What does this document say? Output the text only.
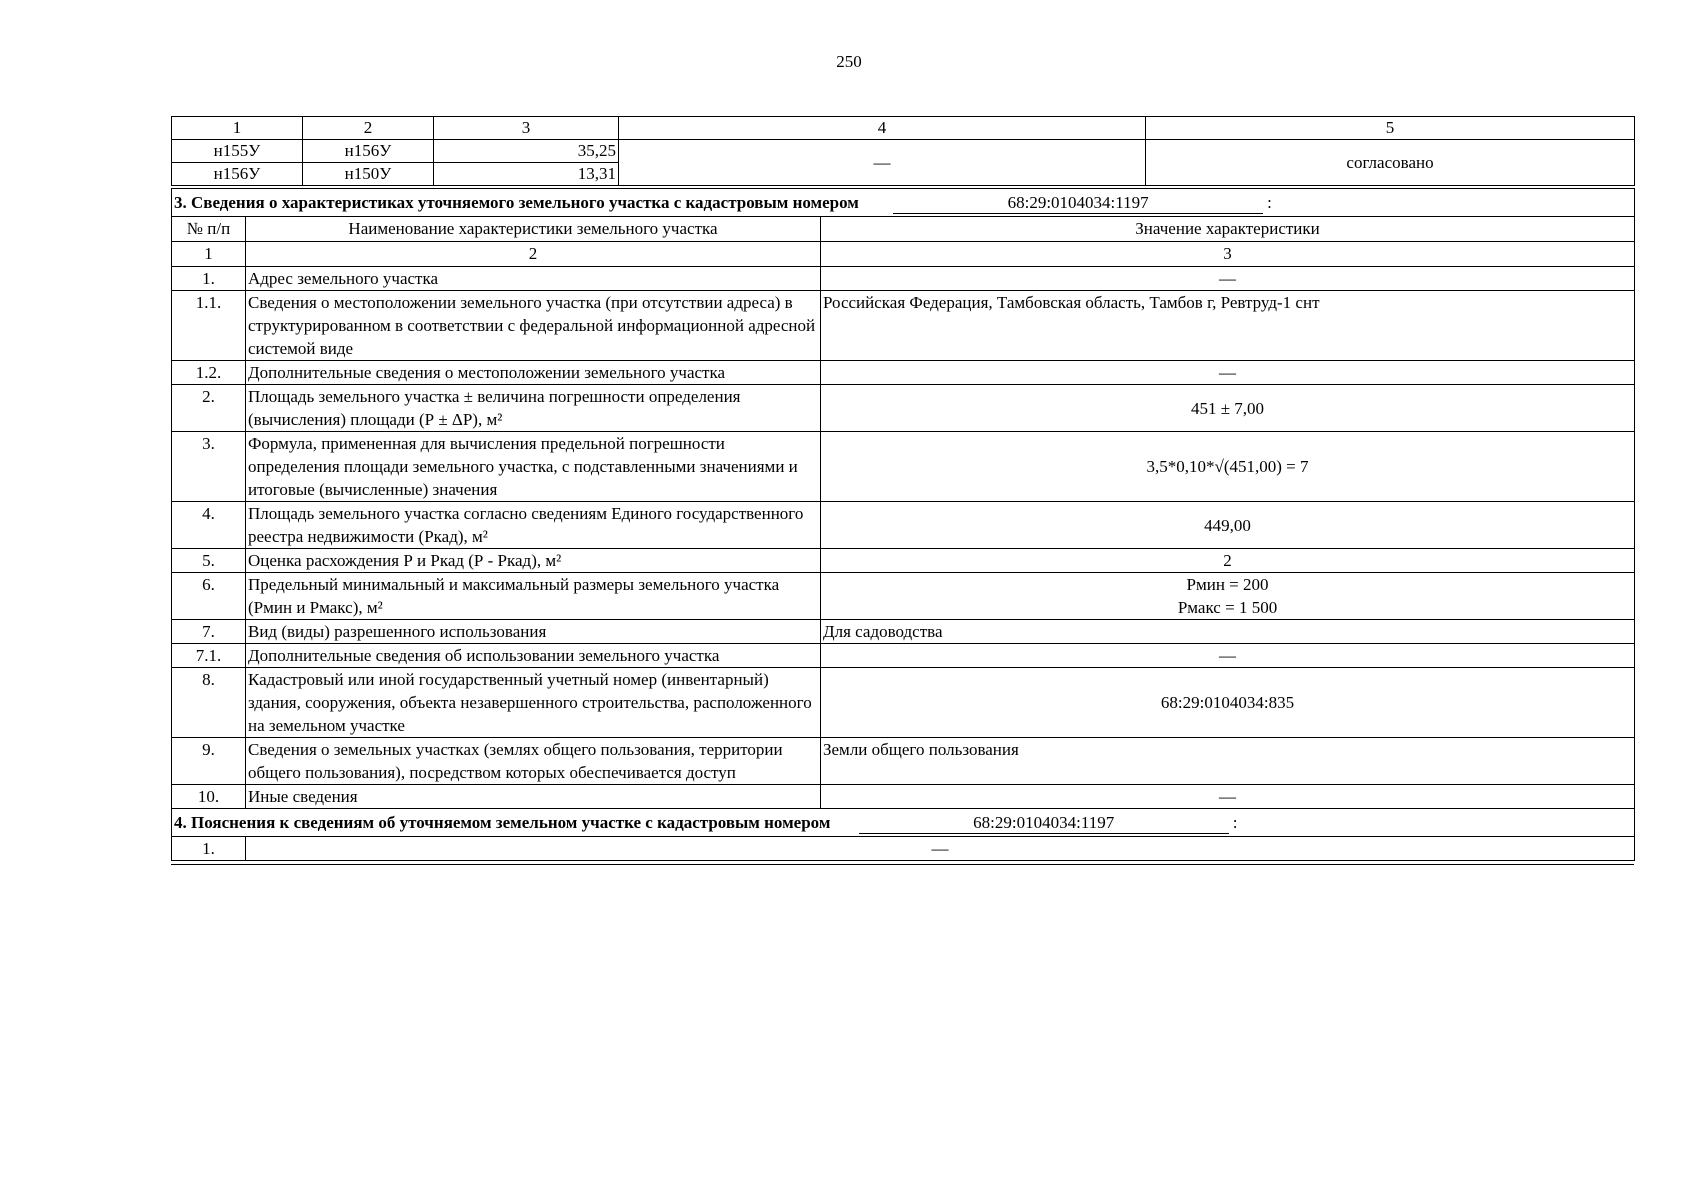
250
1	2	3	4	5
н155У	н156У	35,25	—	согласовано
н156У	н150У	13,31		
3. Сведения о характеристиках уточняемого земельного участка с кадастровым номером 68:29:0104034:1197 :		
№ п/п	Наименование характеристики земельного участка	Значение характеристики
1	2	3
1.	Адрес земельного участка	—
1.1.	Сведения о местоположении земельного участка (при отсутствии адреса) в структурированном в соответствии с федеральной информационной адресной системой виде	Российская Федерация, Тамбовская область, Тамбов г, Ревтруд-1 снт
1.2.	Дополнительные сведения о местоположении земельного участка	—
2.	Площадь земельного участка ± величина погрешности определения (вычисления) площади (Р ± ΔР), м²	451 ± 7,00
3.	Формула, примененная для вычисления предельной погрешности определения площади земельного участка, с подставленными значениями и итоговые (вычисленные) значения	3,5*0,10*√(451,00) = 7
4.	Площадь земельного участка согласно сведениям Единого государственного реестра недвижимости (Ркад), м²	449,00
5.	Оценка расхождения Р и Ркад (Р - Ркад), м²	2
6.	Предельный минимальный и максимальный размеры земельного участка (Рмин и Рмакс), м²	Рмин = 200
Рмакс = 1 500

7.	Вид (виды) разрешенного использования	Для садоводства
7.1.	Дополнительные сведения об использовании земельного участка	—
8.	Кадастровый или иной государственный учетный номер (инвентарный) здания, сооружения, объекта незавершенного строительства, расположенного на земельном участке	68:29:0104034:835
9.	Сведения о земельных участках (землях общего пользования, территории общего пользования), посредством которых обеспечивается доступ	Земли общего пользования
10.	Иные сведения	—
4. Пояснения к сведениям об уточняемом земельном участке с кадастровым номером 68:29:0104034:1197 :		
1.	—	
